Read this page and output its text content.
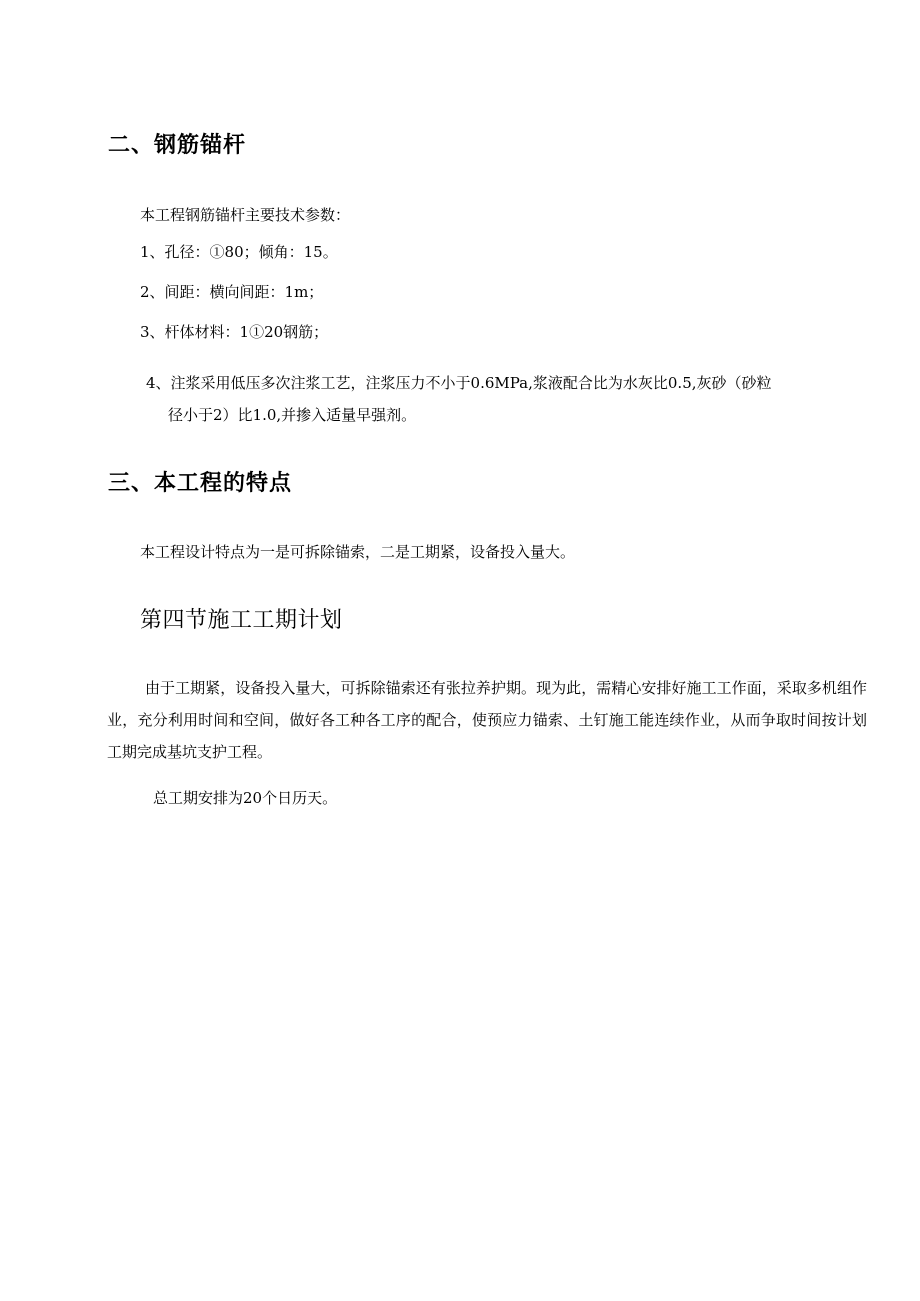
二、钢筋锚杆

本工程钢筋锚杆主要技术参数：

1、孔径：①80；倾角：15。

2、间距：横向间距：1m；

3、杆体材料：1①20钢筋；

4、注浆采用低压多次注浆工艺，注浆压力不小于0.6MPa,浆液配合比为水灰比0.5,灰砂（砂粒
径小于2）比1.0,并掺入适量早强剂。
三、本工程的特点

本工程设计特点为一是可拆除锚索，二是工期紧，设备投入量大。

第四节施工工期计划

由于工期紧，设备投入量大，可拆除锚索还有张拉养护期。现为此，需精心安排好施工工作面，采取多机组作业，充分利用时间和空间，做好各工种各工序的配合，使预应力锚索、土钉施工能连续作业，从而争取时间按计划工期完成基坑支护工程。

总工期安排为20个日历天。
